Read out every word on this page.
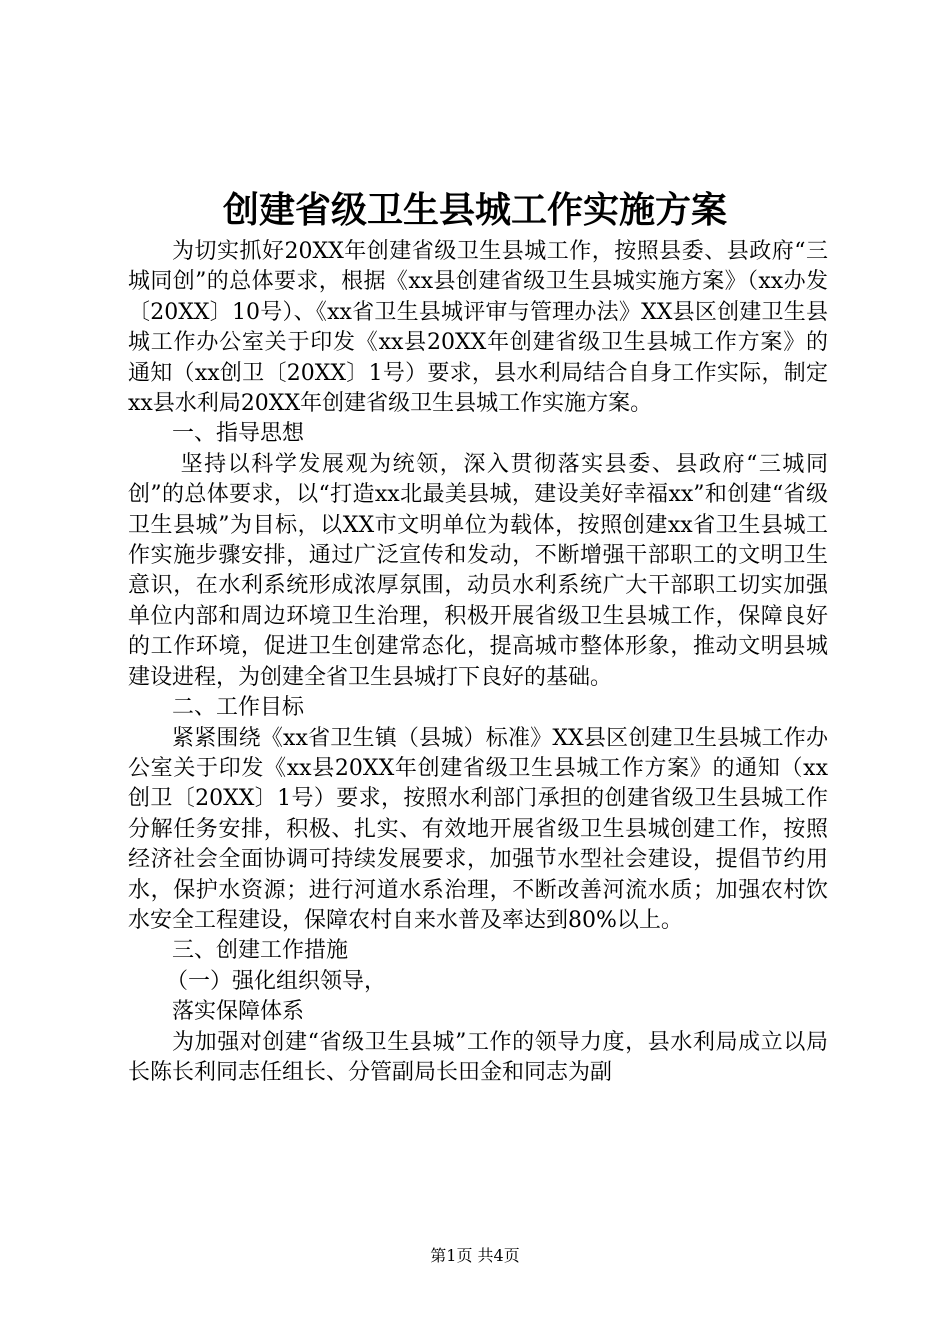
创建省级卫生县城工作实施方案

为切实抓好20XX年创建省级卫生县城工作，按照县委、县政府“三城同创”的总体要求，根据《xx县创建省级卫生县城实施方案》（xx办发〔20XX〕10号）、《xx省卫生县城评审与管理办法》XX县区创建卫生县城工作办公室关于印发《xx县20XX年创建省级卫生县城工作方案》的通知（xx创卫〔20XX〕1号）要求，县水利局结合自身工作实际，制定xx县水利局20XX年创建省级卫生县城工作实施方案。

一、指导思想

坚持以科学发展观为统领，深入贯彻落实县委、县政府“三城同创”的总体要求，以“打造xx北最美县城，建设美好幸福xx”和创建“省级卫生县城”为目标，以XX市文明单位为载体，按照创建xx省卫生县城工作实施步骤安排，通过广泛宣传和发动，不断增强干部职工的文明卫生意识，在水利系统形成浓厚氛围，动员水利系统广大干部职工切实加强单位内部和周边环境卫生治理，积极开展省级卫生县城工作，保障良好的工作环境，促进卫生创建常态化，提高城市整体形象，推动文明县城建设进程，为创建全省卫生县城打下良好的基础。

二、工作目标

紧紧围绕《xx省卫生镇（县城）标准》XX县区创建卫生县城工作办公室关于印发《xx县20XX年创建省级卫生县城工作方案》的通知（xx创卫〔20XX〕1号）要求，按照水利部门承担的创建省级卫生县城工作分解任务安排，积极、扎实、有效地开展省级卫生县城创建工作，按照经济社会全面协调可持续发展要求，加强节水型社会建设，提倡节约用水，保护水资源；进行河道水系治理，不断改善河流水质；加强农村饮水安全工程建设，保障农村自来水普及率达到80%以上。

三、创建工作措施

（一）强化组织领导，

落实保障体系

为加强对创建“省级卫生县城”工作的领导力度，县水利局成立以局长陈长利同志任组长、分管副局长田金和同志为副

第1页 共4页
